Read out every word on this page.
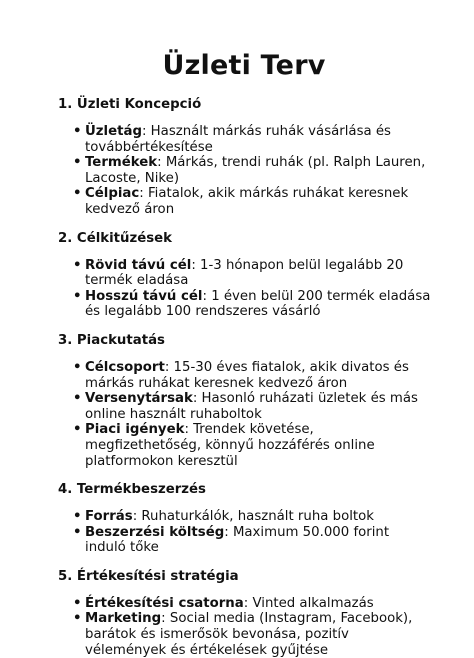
Üzleti Terv
1. Üzleti Koncepció
• Üzletág: Használt márkás ruhák vásárlása és továbbértékesítése
• Termékek: Márkás, trendi ruhák (pl. Ralph Lauren, Lacoste, Nike)
• Célpiac: Fiatalok, akik márkás ruhákat keresnek kedvező áron
2. Célkitűzések
• Rövid távú cél: 1-3 hónapon belül legalább 20 termék eladása
• Hosszú távú cél: 1 éven belül 200 termék eladása és legalább 100 rendszeres vásárló
3. Piackutatás
• Célcsoport: 15-30 éves fiatalok, akik divatos és márkás ruhákat keresnek kedvező áron
• Versenytársak: Hasonló ruházati üzletek és más online használt ruhaboltok
• Piaci igények: Trendek követése, megfizethetőség, könnyű hozzáférés online platformokon keresztül
4. Termékbeszerzés
• Forrás: Ruhaturkálók, használt ruha boltok
• Beszerzési költség: Maximum 50.000 forint induló tőke
5. Értékesítési stratégia
• Értékesítési csatorna: Vinted alkalmazás
• Marketing: Social media (Instagram, Facebook), barátok és ismerősök bevonása, pozitív vélemények és értékelések gyűjtése
